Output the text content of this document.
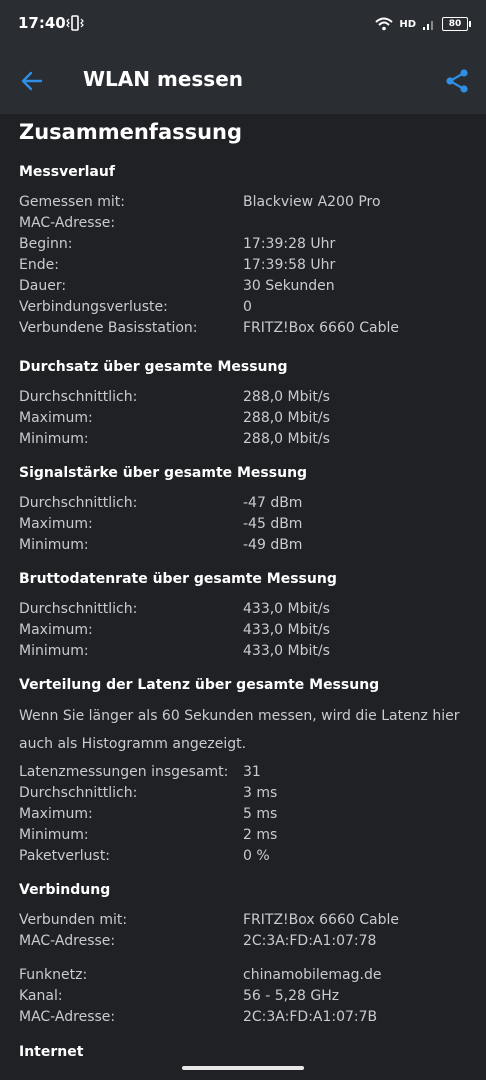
17:40	HD	80
WLAN messen
Zusammenfassung
Messverlauf
Gemessen mit:	Blackview A200 Pro
MAC-Adresse:
Beginn:	17:39:28 Uhr
Ende:	17:39:58 Uhr
Dauer:	30 Sekunden
Verbindungsverluste:	0
Verbundene Basisstation:	FRITZ!Box 6660 Cable
Durchsatz über gesamte Messung
Durchschnittlich:	288,0 Mbit/s
Maximum:	288,0 Mbit/s
Minimum:	288,0 Mbit/s
Signalstärke über gesamte Messung
Durchschnittlich:	-47 dBm
Maximum:	-45 dBm
Minimum:	-49 dBm
Bruttodatenrate über gesamte Messung
Durchschnittlich:	433,0 Mbit/s
Maximum:	433,0 Mbit/s
Minimum:	433,0 Mbit/s
Verteilung der Latenz über gesamte Messung
Wenn Sie länger als 60 Sekunden messen, wird die Latenz hier auch als Histogramm angezeigt.
Latenzmessungen insgesamt: 31
Durchschnittlich:	3 ms
Maximum:	5 ms
Minimum:	2 ms
Paketverlust:	0 %
Verbindung
Verbunden mit:	FRITZ!Box 6660 Cable
MAC-Adresse:	2C:3A:FD:A1:07:78
Funknetz:	chinamobilemag.de
Kanal:	56 - 5,28 GHz
MAC-Adresse:	2C:3A:FD:A1:07:7B
Internet
